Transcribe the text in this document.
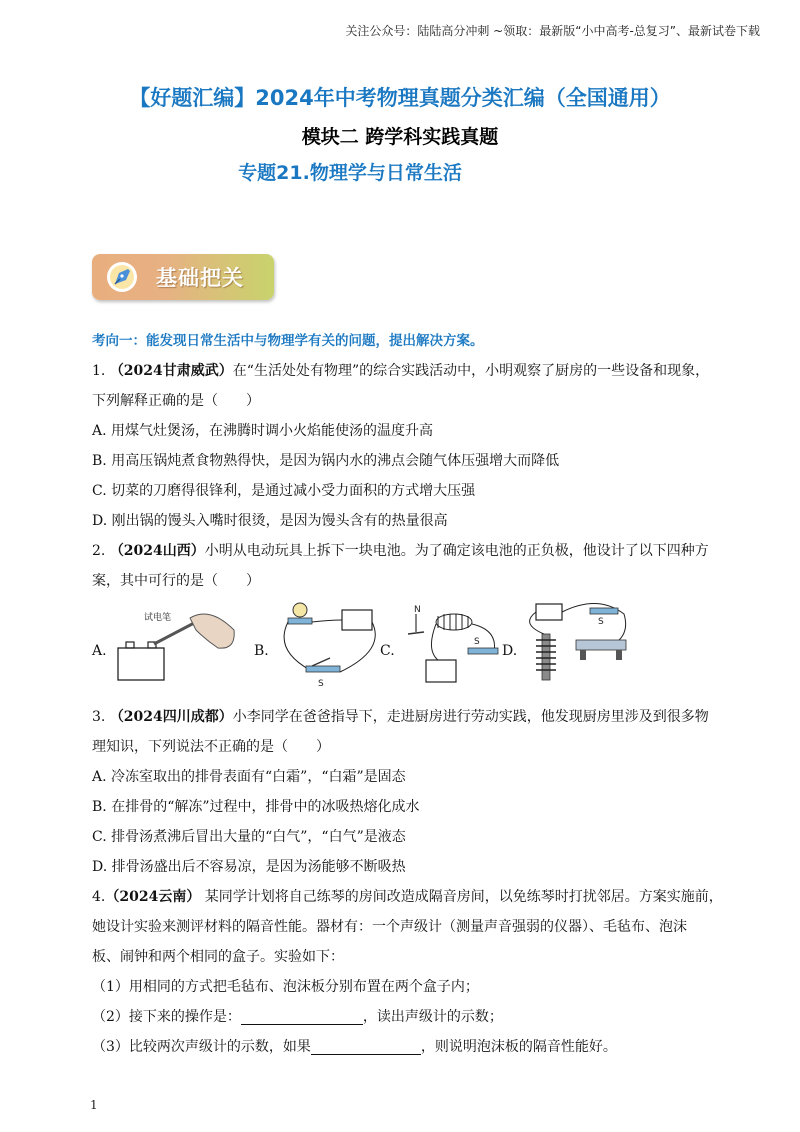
关注公众号：陆陆高分冲刺 ~领取：最新版“小中高考-总复习”、最新试卷下载
【好题汇编】2024年中考物理真题分类汇编（全国通用）
模块二 跨学科实践真题
专题21.物理学与日常生活
基础把关
考向一：能发现日常生活中与物理学有关的问题，提出解决方案。
1. （2024甘肃威武）在“生活处处有物理”的综合实践活动中，小明观察了厨房的一些设备和现象，
下列解释正确的是（　　）
A. 用煤气灶煲汤，在沸腾时调小火焰能使汤的温度升高
B. 用高压锅炖煮食物熟得快，是因为锅内水的沸点会随气体压强增大而降低
C. 切菜的刀磨得很锋利，是通过减小受力面积的方式增大压强
D. 刚出锅的馒头入嘴时很烫，是因为馒头含有的热量很高
2. （2024山西）小明从电动玩具上拆下一块电池。为了确定该电池的正负极，他设计了以下四种方
案，其中可行的是（　　）
A.
试电笔
B.
S
C.
N
S
D.
S
3. （2024四川成都）小李同学在爸爸指导下，走进厨房进行劳动实践，他发现厨房里涉及到很多物
理知识，下列说法不正确的是（　　）
A. 冷冻室取出的排骨表面有“白霜”，“白霜”是固态
B. 在排骨的“解冻”过程中，排骨中的冰吸热熔化成水
C. 排骨汤煮沸后冒出大量的“白气”，“白气”是液态
D. 排骨汤盛出后不容易凉，是因为汤能够不断吸热
4.（2024云南） 某同学计划将自己练琴的房间改造成隔音房间，以免练琴时打扰邻居。方案实施前，
她设计实验来测评材料的隔音性能。器材有：一个声级计（测量声音强弱的仪器）、毛毡布、泡沫
板、闹钟和两个相同的盒子。实验如下：
（1）用相同的方式把毛毡布、泡沫板分别布置在两个盒子内；
（2）接下来的操作是：	，读出声级计的示数；
（3）比较两次声级计的示数，如果	，则说明泡沫板的隔音性能好。
1
